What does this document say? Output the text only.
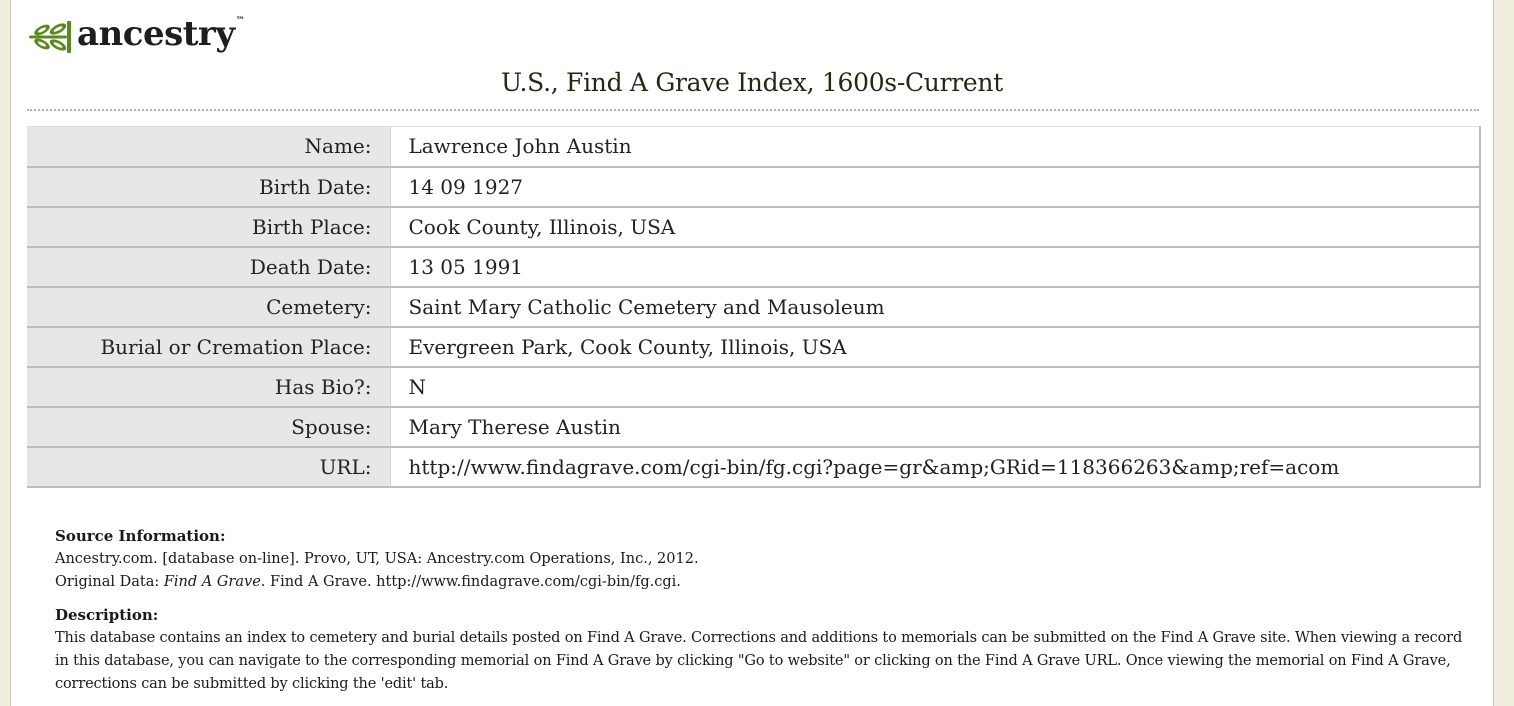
ancestry™
U.S., Find A Grave Index, 1600s-Current
Name:	Lawrence John Austin
Birth Date:	14 09 1927
Birth Place:	Cook County, Illinois, USA
Death Date:	13 05 1991
Cemetery:	Saint Mary Catholic Cemetery and Mausoleum
Burial or Cremation Place:	Evergreen Park, Cook County, Illinois, USA
Has Bio?:	N
Spouse:	Mary Therese Austin
URL:	http://www.findagrave.com/cgi-bin/fg.cgi?page=gr&amp;GRid=118366263&amp;ref=acom
Source Information:

Ancestry.com. [database on-line]. Provo, UT, USA: Ancestry.com Operations, Inc., 2012.

Original Data: Find A Grave. Find A Grave. http://www.findagrave.com/cgi-bin/fg.cgi.

Description:

This database contains an index to cemetery and burial details posted on Find A Grave. Corrections and additions to memorials can be submitted on the Find A Grave site. When viewing a record in this database, you can navigate to the corresponding memorial on Find A Grave by clicking "Go to website" or clicking on the Find A Grave URL. Once viewing the memorial on Find A Grave, corrections can be submitted by clicking the 'edit' tab.
